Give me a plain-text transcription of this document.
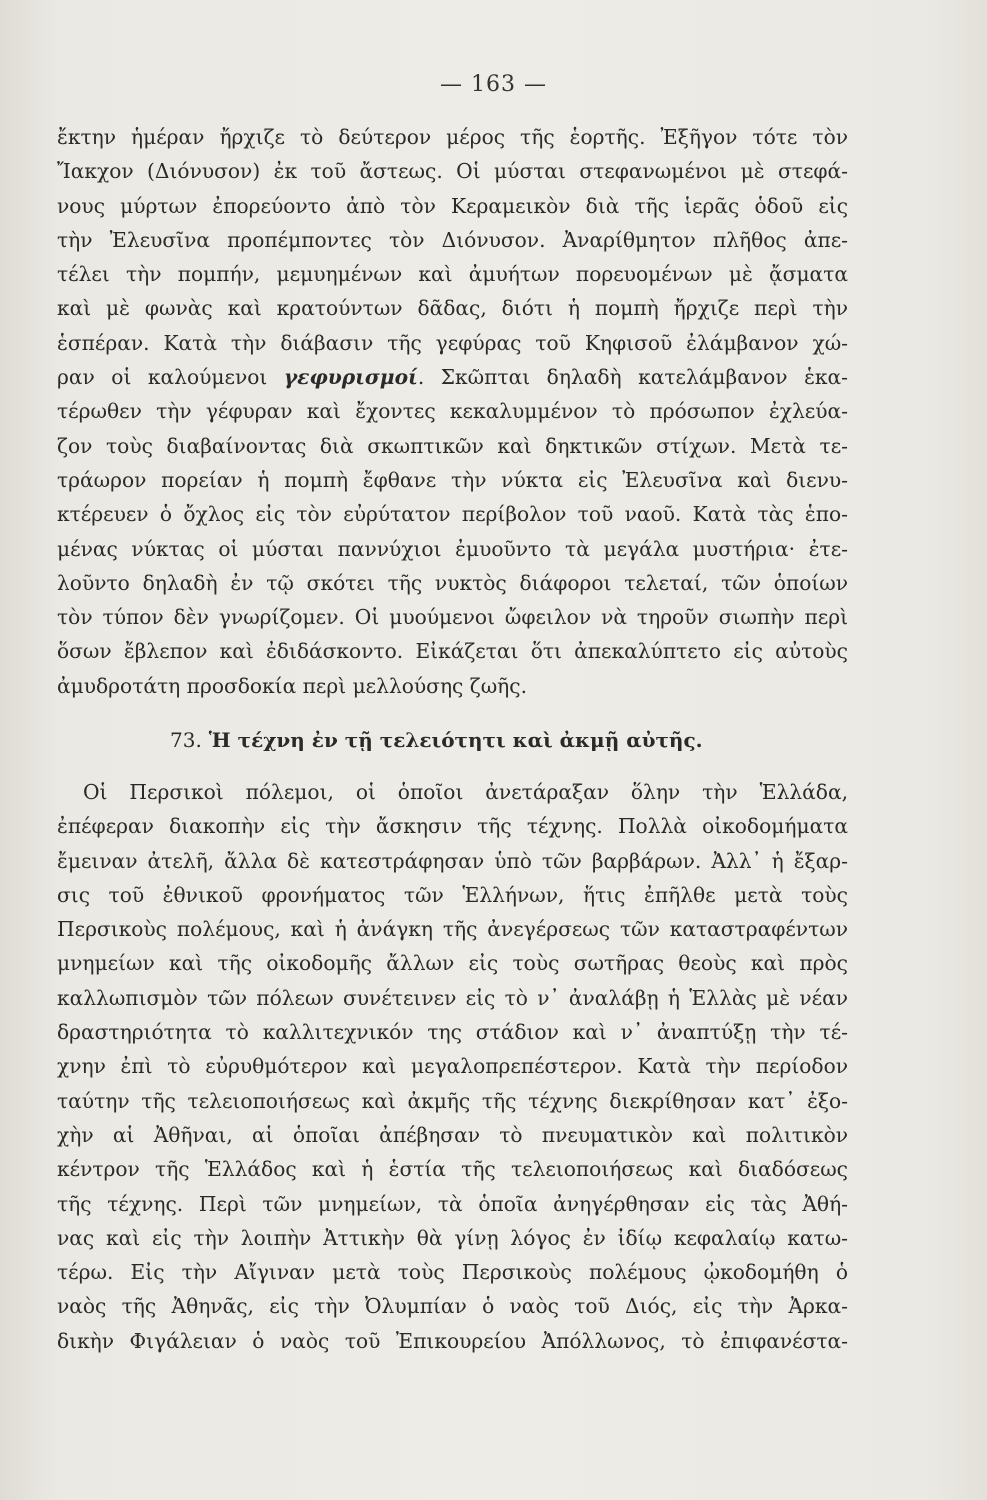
— 163 —
ἔκτην ἡμέραν ἤρχιζε τὸ δεύτερον μέρος τῆς ἑορτῆς. Ἐξῆγον τότε τὸν
Ἴακχον (Διόνυσον) ἐκ τοῦ ἄστεως. Οἱ μύσται στεφανωμένοι μὲ στεφά-
νους μύρτων ἐπορεύοντο ἀπὸ τὸν Κεραμεικὸν διὰ τῆς ἱερᾶς ὁδοῦ εἰς
τὴν Ἐλευσῖνα προπέμποντες τὸν Διόνυσον. Ἀναρίθμητον πλῆθος ἀπε-
τέλει τὴν πομπήν, μεμυημένων καὶ ἀμυήτων πορευομένων μὲ ᾄσματα
καὶ μὲ φωνὰς καὶ κρατούντων δᾶδας, διότι ἡ πομπὴ ἤρχιζε περὶ τὴν
ἑσπέραν. Κατὰ τὴν διάβασιν τῆς γεφύρας τοῦ Κηφισοῦ ἐλάμβανον χώ-
ραν οἱ καλούμενοι γεφυρισμοί. Σκῶπται δηλαδὴ κατελάμβανον ἑκα-
τέρωθεν τὴν γέφυραν καὶ ἔχοντες κεκαλυμμένον τὸ πρόσωπον ἐχλεύα-
ζον τοὺς διαβαίνοντας διὰ σκωπτικῶν καὶ δηκτικῶν στίχων. Μετὰ τε-
τράωρον πορείαν ἡ πομπὴ ἔφθανε τὴν νύκτα εἰς Ἐλευσῖνα καὶ διενυ-
κτέρευεν ὁ ὄχλος εἰς τὸν εὐρύτατον περίβολον τοῦ ναοῦ. Κατὰ τὰς ἑπο-
μένας νύκτας οἱ μύσται παννύχιοι ἐμυοῦντο τὰ μεγάλα μυστήρια· ἐτε-
λοῦντο δηλαδὴ ἐν τῷ σκότει τῆς νυκτὸς διάφοροι τελεταί, τῶν ὁποίων
τὸν τύπον δὲν γνωρίζομεν. Οἱ μυούμενοι ὤφειλον νὰ τηροῦν σιωπὴν περὶ
ὅσων ἔβλεπον καὶ ἐδιδάσκοντο. Εἰκάζεται ὅτι ἀπεκαλύπτετο εἰς αὐτοὺς
ἀμυδροτάτη προσδοκία περὶ μελλούσης ζωῆς.
73. Ἡ τέχνη ἐν τῇ τελειότητι καὶ ἀκμῇ αὐτῆς.
Οἱ Περσικοὶ πόλεμοι, οἱ ὁποῖοι ἀνετάραξαν ὅλην τὴν Ἑλλάδα,
ἐπέφεραν διακοπὴν εἰς τὴν ἄσκησιν τῆς τέχνης. Πολλὰ οἰκοδομήματα
ἔμειναν ἀτελῆ, ἄλλα δὲ κατεστράφησαν ὑπὸ τῶν βαρβάρων. Ἀλλ᾽ ἡ ἔξαρ-
σις τοῦ ἐθνικοῦ φρονήματος τῶν Ἑλλήνων, ἥτις ἐπῆλθε μετὰ τοὺς
Περσικοὺς πολέμους, καὶ ἡ ἀνάγκη τῆς ἀνεγέρσεως τῶν καταστραφέντων
μνημείων καὶ τῆς οἰκοδομῆς ἄλλων εἰς τοὺς σωτῆρας θεοὺς καὶ πρὸς
καλλωπισμὸν τῶν πόλεων συνέτεινεν εἰς τὸ ν᾽ ἀναλάβῃ ἡ Ἑλλὰς μὲ νέαν
δραστηριότητα τὸ καλλιτεχνικόν της στάδιον καὶ ν᾽ ἀναπτύξῃ τὴν τέ-
χνην ἐπὶ τὸ εὐρυθμότερον καὶ μεγαλοπρεπέστερον. Κατὰ τὴν περίοδον
ταύτην τῆς τελειοποιήσεως καὶ ἀκμῆς τῆς τέχνης διεκρίθησαν κατ᾽ ἐξο-
χὴν αἱ Ἀθῆναι, αἱ ὁποῖαι ἀπέβησαν τὸ πνευματικὸν καὶ πολιτικὸν
κέντρον τῆς Ἑλλάδος καὶ ἡ ἑστία τῆς τελειοποιήσεως καὶ διαδόσεως
τῆς τέχνης. Περὶ τῶν μνημείων, τὰ ὁποῖα ἀνηγέρθησαν εἰς τὰς Ἀθή-
νας καὶ εἰς τὴν λοιπὴν Ἀττικὴν θὰ γίνῃ λόγος ἐν ἰδίῳ κεφαλαίῳ κατω-
τέρω. Εἰς τὴν Αἴγιναν μετὰ τοὺς Περσικοὺς πολέμους ᾠκοδομήθη ὁ
ναὸς τῆς Ἀθηνᾶς, εἰς τὴν Ὀλυμπίαν ὁ ναὸς τοῦ Διός, εἰς τὴν Ἀρκα-
δικὴν Φιγάλειαν ὁ ναὸς τοῦ Ἐπικουρείου Ἀπόλλωνος, τὸ ἐπιφανέστα-
